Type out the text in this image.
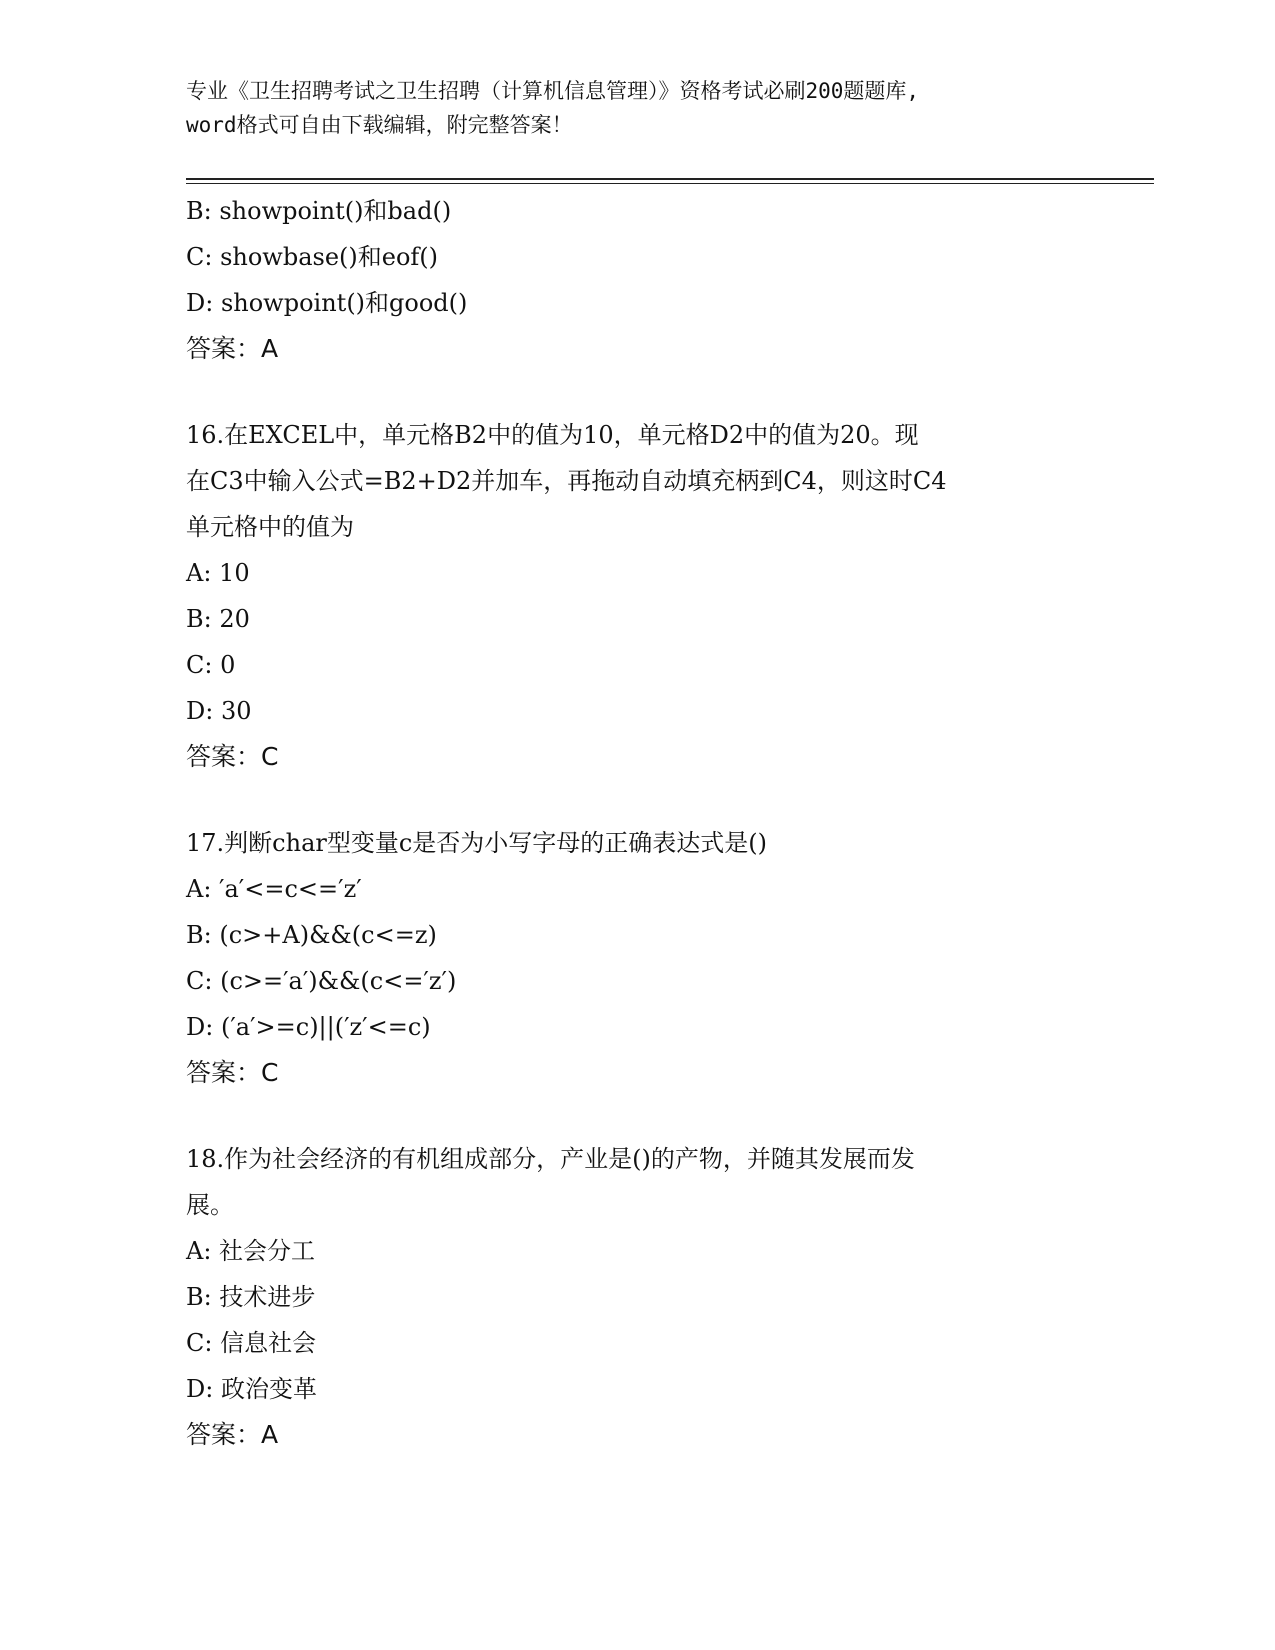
专业《卫生招聘考试之卫生招聘（计算机信息管理）》资格考试必刷200题题库,
word格式可自由下载编辑，附完整答案！
B: showpoint()和bad()
C: showbase()和eof()
D: showpoint()和good()
答案：A
16.在EXCEL中，单元格B2中的值为10，单元格D2中的值为20。现
在C3中输入公式=B2+D2并加车，再拖动自动填充柄到C4，则这时C4
单元格中的值为
A: 10
B: 20
C: 0
D: 30
答案：C
17.判断char型变量c是否为小写字母的正确表达式是()
A: ′a′<=c<=′z′
B: (c>+A)&&(c<=z)
C: (c>=′a′)&&(c<=′z′)
D: (′a′>=c)||(′z′<=c)
答案：C
18.作为社会经济的有机组成部分，产业是()的产物，并随其发展而发
展。
A: 社会分工
B: 技术进步
C: 信息社会
D: 政治变革
答案：A
